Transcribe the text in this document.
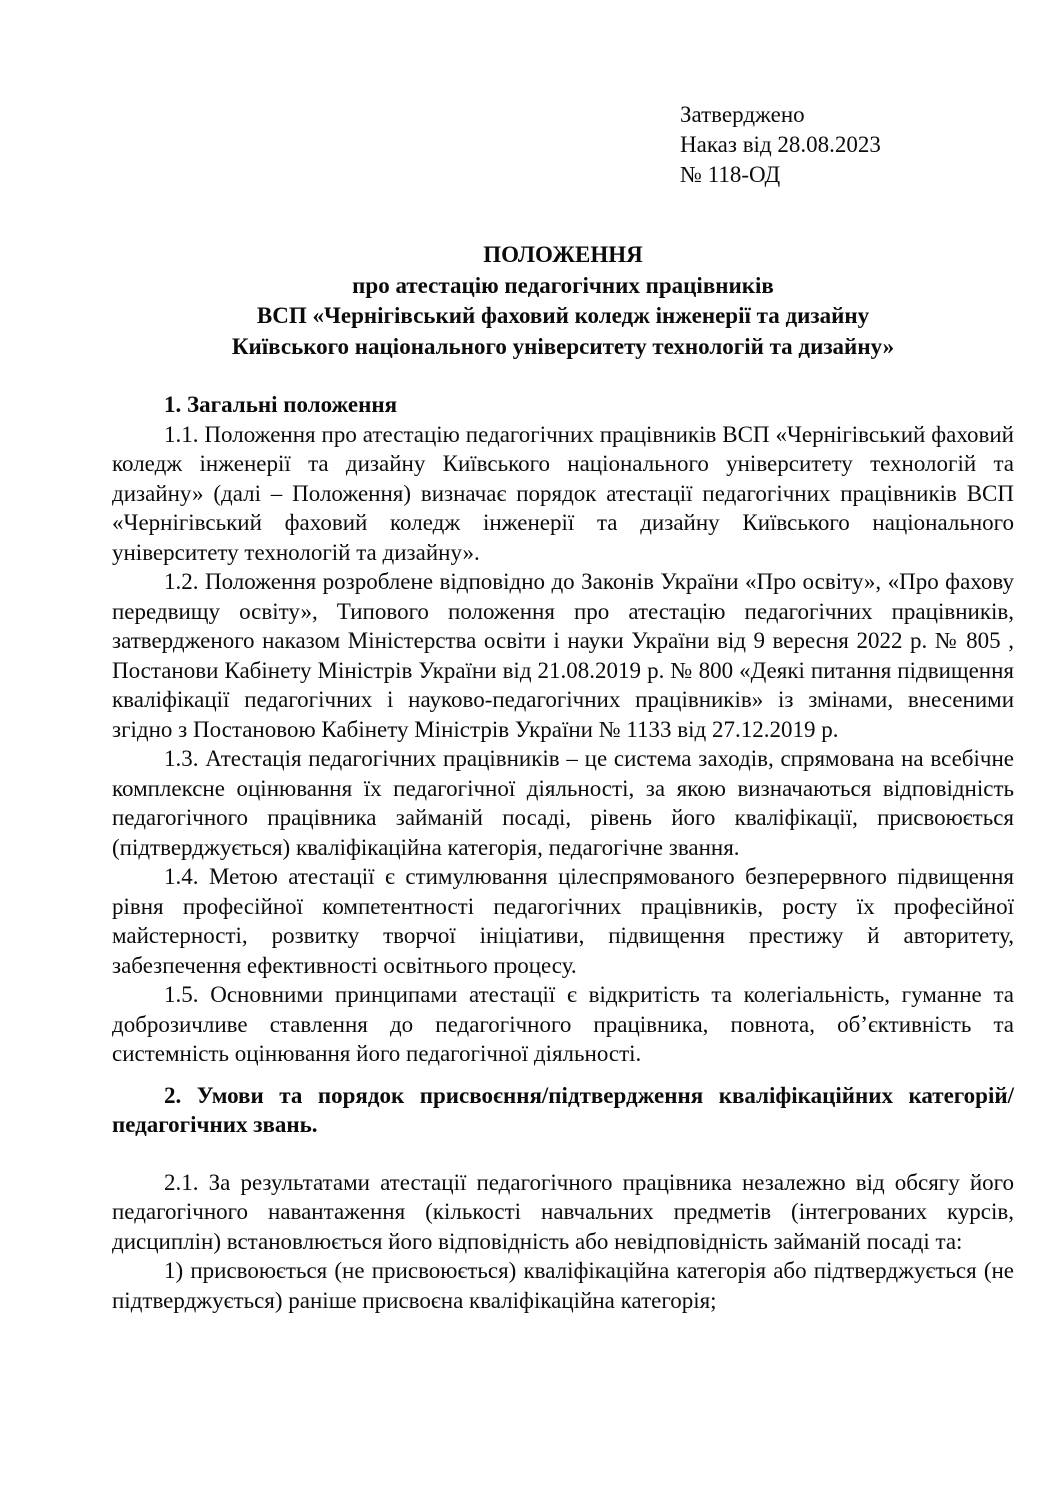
Затверджено
Наказ від 28.08.2023
№ 118-ОД
ПОЛОЖЕННЯ
про атестацію педагогічних працівників
ВСП «Чернігівський фаховий коледж інженерії та дизайну
Київського національного університету технологій та дизайну»
1. Загальні положення

1.1. Положення про атестацію педагогічних працівників ВСП «Чернігівський фаховий коледж інженерії та дизайну Київського національного університету технологій та дизайну» (далі – Положення) визначає порядок атестації педагогічних працівників ВСП «Чернігівський фаховий коледж інженерії та дизайну Київського національного університету технологій та дизайну».

1.2. Положення розроблене відповідно до Законів України «Про освіту», «Про фахову передвищу освіту», Типового положення про атестацію педагогічних працівників, затвердженого наказом Міністерства освіти і науки України від 9 вересня 2022 р. № 805 , Постанови Кабінету Міністрів України від 21.08.2019 р. № 800 «Деякі питання підвищення кваліфікації педагогічних і науково-педагогічних працівників» із змінами, внесеними згідно з Постановою Кабінету Міністрів України № 1133 від 27.12.2019 р.

1.3. Атестація педагогічних працівників – це система заходів, спрямована на всебічне комплексне оцінювання їх педагогічної діяльності, за якою визначаються відповідність педагогічного працівника займаній посаді, рівень його кваліфікації, присвоюється (підтверджується) кваліфікаційна категорія, педагогічне звання.

1.4. Метою атестації є стимулювання цілеспрямованого безперервного підвищення рівня професійної компетентності педагогічних працівників, росту їх професійної майстерності, розвитку творчої ініціативи, підвищення престижу й авторитету, забезпечення ефективності освітнього процесу.

1.5. Основними принципами атестації є відкритість та колегіальність, гуманне та доброзичливе ставлення до педагогічного працівника, повнота, об’єктивність та системність оцінювання його педагогічної діяльності.

2. Умови та порядок присвоєння/підтвердження кваліфікаційних категорій/педагогічних звань.

2.1. За результатами атестації педагогічного працівника незалежно від обсягу його педагогічного навантаження (кількості навчальних предметів (інтегрованих курсів, дисциплін) встановлюється його відповідність або невідповідність займаній посаді та:

1) присвоюється (не присвоюється) кваліфікаційна категорія або підтверджується (не підтверджується) раніше присвоєна кваліфікаційна категорія;
